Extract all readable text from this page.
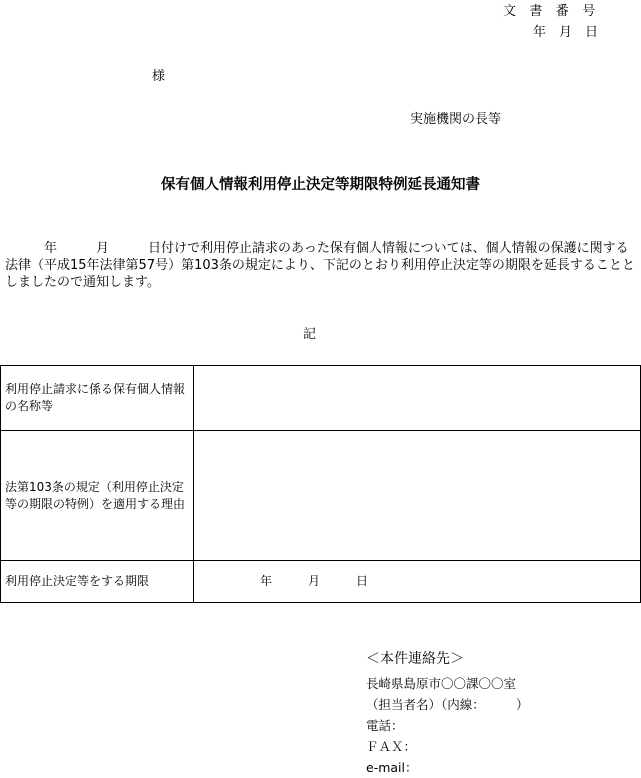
文　書　番　号
年　月　日
様
実施機関の長等
保有個人情報利用停止決定等期限特例延長通知書

　　　年　　　月　　　日付けで利用停止請求のあった保有個人情報については、個人情報の保護に関する法律（平成15年法律第57号）第103条の規定により、下記のとおり利用停止決定等の期限を延長することとしましたので通知します。

記
利用停止請求に係る保有個人情報の名称等	
法第103条の規定（利用停止決定等の期限の特例）を適用する理由	
利用停止決定等をする期限	年　　　月　　　日
＜本件連絡先＞
長崎県島原市〇〇課〇〇室
（担当者名）（内線：　　　）
電話：
ＦＡＸ：
e-mail：
